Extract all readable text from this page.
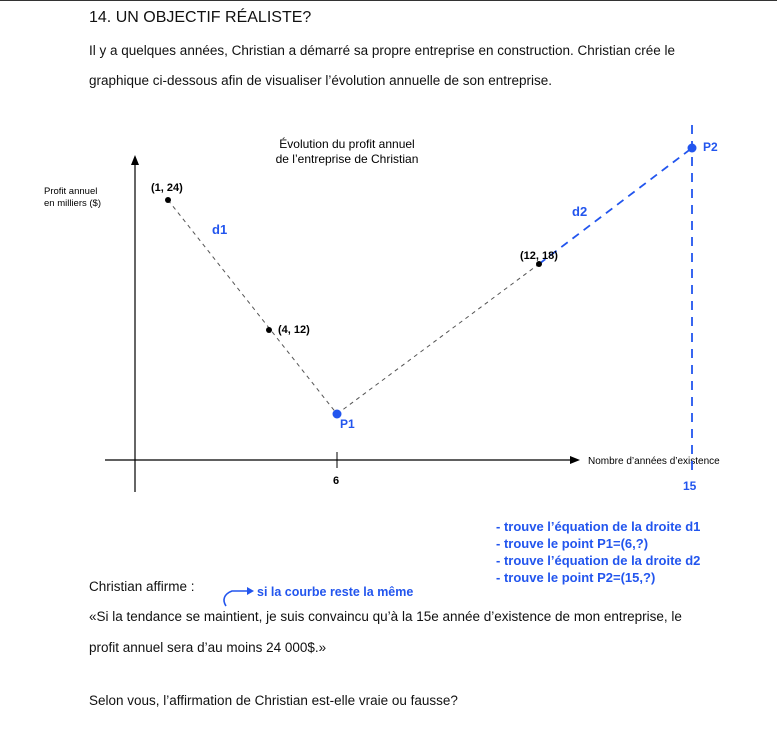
14. UN OBJECTIF RÉALISTE?
Il y a quelques années, Christian a démarré sa propre entreprise en construction. Christian crée le
graphique ci-dessous afin de visualiser l’évolution annuelle de son entreprise.
6
Évolution du profit annuel
de l’entreprise de Christian
Profit annuel
en milliers ($)
Nombre d’années d’existence
(1, 24)
(4, 12)
(12, 18)
d1
d2
P1
P2
15
- trouve l’équation de la droite d1
- trouve le point P1=(6,?)
- trouve l’équation de la droite d2
- trouve le point P2=(15,?)
Christian affirme :	si la courbe reste la même
«Si la tendance se maintient, je suis convaincu qu’à la 15e année d’existence de mon entreprise, le
profit annuel sera d’au moins 24 000$.»
Selon vous, l’affirmation de Christian est-elle vraie ou fausse?
